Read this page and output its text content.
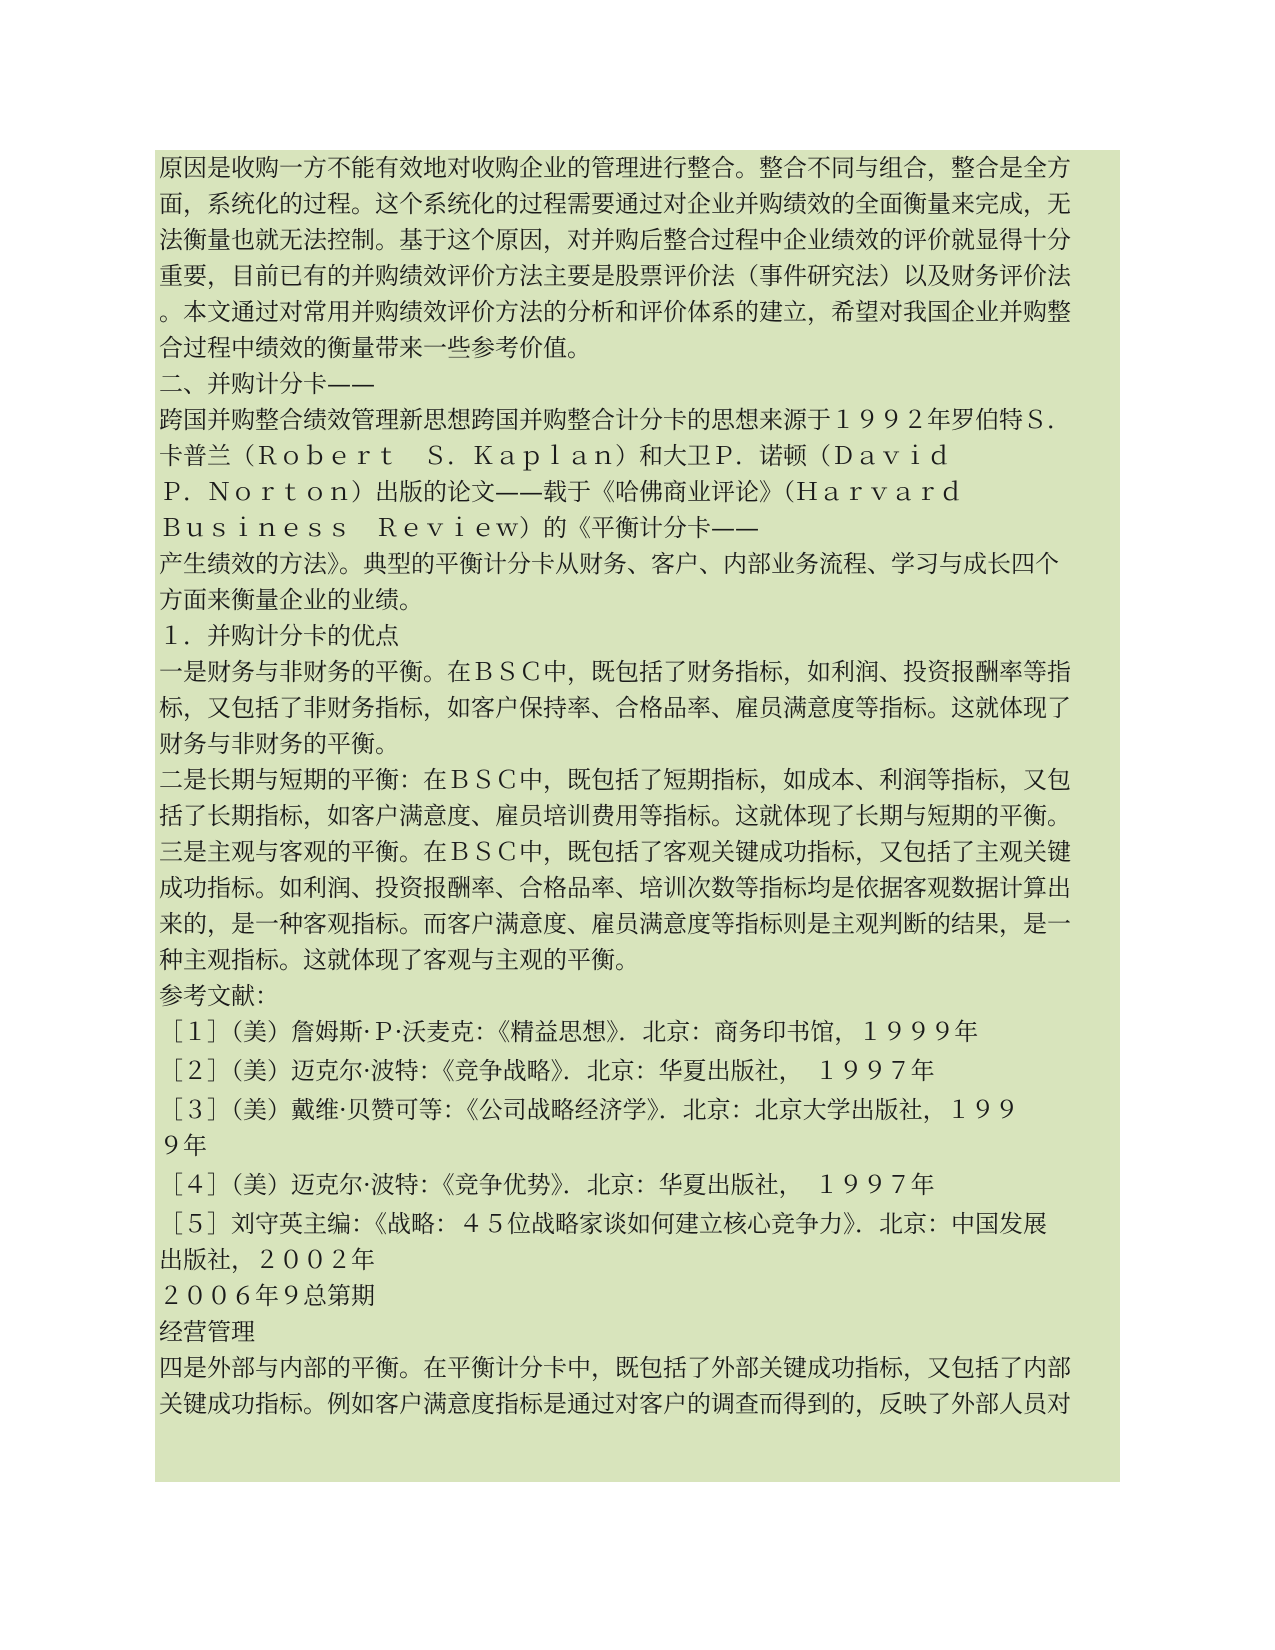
原因是收购一方不能有效地对收购企业的管理进行整合。整合不同与组合，整合是全方
面，系统化的过程。这个系统化的过程需要通过对企业并购绩效的全面衡量来完成，无
法衡量也就无法控制。基于这个原因，对并购后整合过程中企业绩效的评价就显得十分
重要，目前已有的并购绩效评价方法主要是股票评价法（事件研究法）以及财务评价法
。本文通过对常用并购绩效评价方法的分析和评价体系的建立，希望对我国企业并购整
合过程中绩效的衡量带来一些参考价值。
二、并购计分卡——
跨国并购整合绩效管理新思想跨国并购整合计分卡的思想来源于１９９２年罗伯特Ｓ．
卡普兰（Ｒｏｂｅｒｔ　Ｓ．Ｋａｐｌａｎ）和大卫Ｐ．诺顿（Ｄａｖｉｄ
Ｐ．Ｎｏｒｔｏｎ）出版的论文——载于《哈佛商业评论》（Ｈａｒｖａｒｄ
Ｂｕｓｉｎｅｓｓ　Ｒｅｖｉｅｗ）的《平衡计分卡——
产生绩效的方法》。典型的平衡计分卡从财务、客户、内部业务流程、学习与成长四个
方面来衡量企业的业绩。
１．并购计分卡的优点
一是财务与非财务的平衡。在ＢＳＣ中，既包括了财务指标，如利润、投资报酬率等指
标，又包括了非财务指标，如客户保持率、合格品率、雇员满意度等指标。这就体现了
财务与非财务的平衡。
二是长期与短期的平衡：在ＢＳＣ中，既包括了短期指标，如成本、利润等指标，又包
括了长期指标，如客户满意度、雇员培训费用等指标。这就体现了长期与短期的平衡。
三是主观与客观的平衡。在ＢＳＣ中，既包括了客观关键成功指标，又包括了主观关键
成功指标。如利润、投资报酬率、合格品率、培训次数等指标均是依据客观数据计算出
来的，是一种客观指标。而客户满意度、雇员满意度等指标则是主观判断的结果，是一
种主观指标。这就体现了客观与主观的平衡。
参考文献：
［１］（美）詹姆斯·Ｐ·沃麦克：《精益思想》．北京：商务印书馆，１９９９年
［２］（美）迈克尔·波特：《竞争战略》．北京：华夏出版社，　１９９７年
［３］（美）戴维·贝赞可等：《公司战略经济学》．北京：北京大学出版社，１９９
９年
［４］（美）迈克尔·波特：《竞争优势》．北京：华夏出版社，　１９９７年
［５］刘守英主编：《战略：４５位战略家谈如何建立核心竞争力》．北京：中国发展
出版社，２００２年
２００６年９总第期
经营管理
四是外部与内部的平衡。在平衡计分卡中，既包括了外部关键成功指标，又包括了内部
关键成功指标。例如客户满意度指标是通过对客户的调查而得到的，反映了外部人员对
